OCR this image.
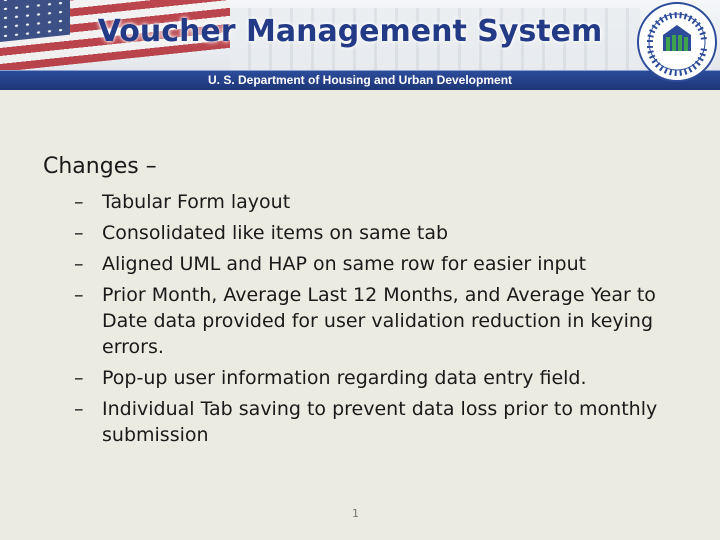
Voucher Management System
U. S. Department of Housing and Urban Development
Changes –
– Tabular Form layout
– Consolidated like items on same tab
– Aligned UML and HAP on same row for easier input
– Prior Month, Average Last 12 Months, and Average Year to Date data provided for user validation reduction in keying errors.
– Pop-up user information regarding data entry field.
– Individual Tab saving to prevent data loss prior to monthly submission
1
